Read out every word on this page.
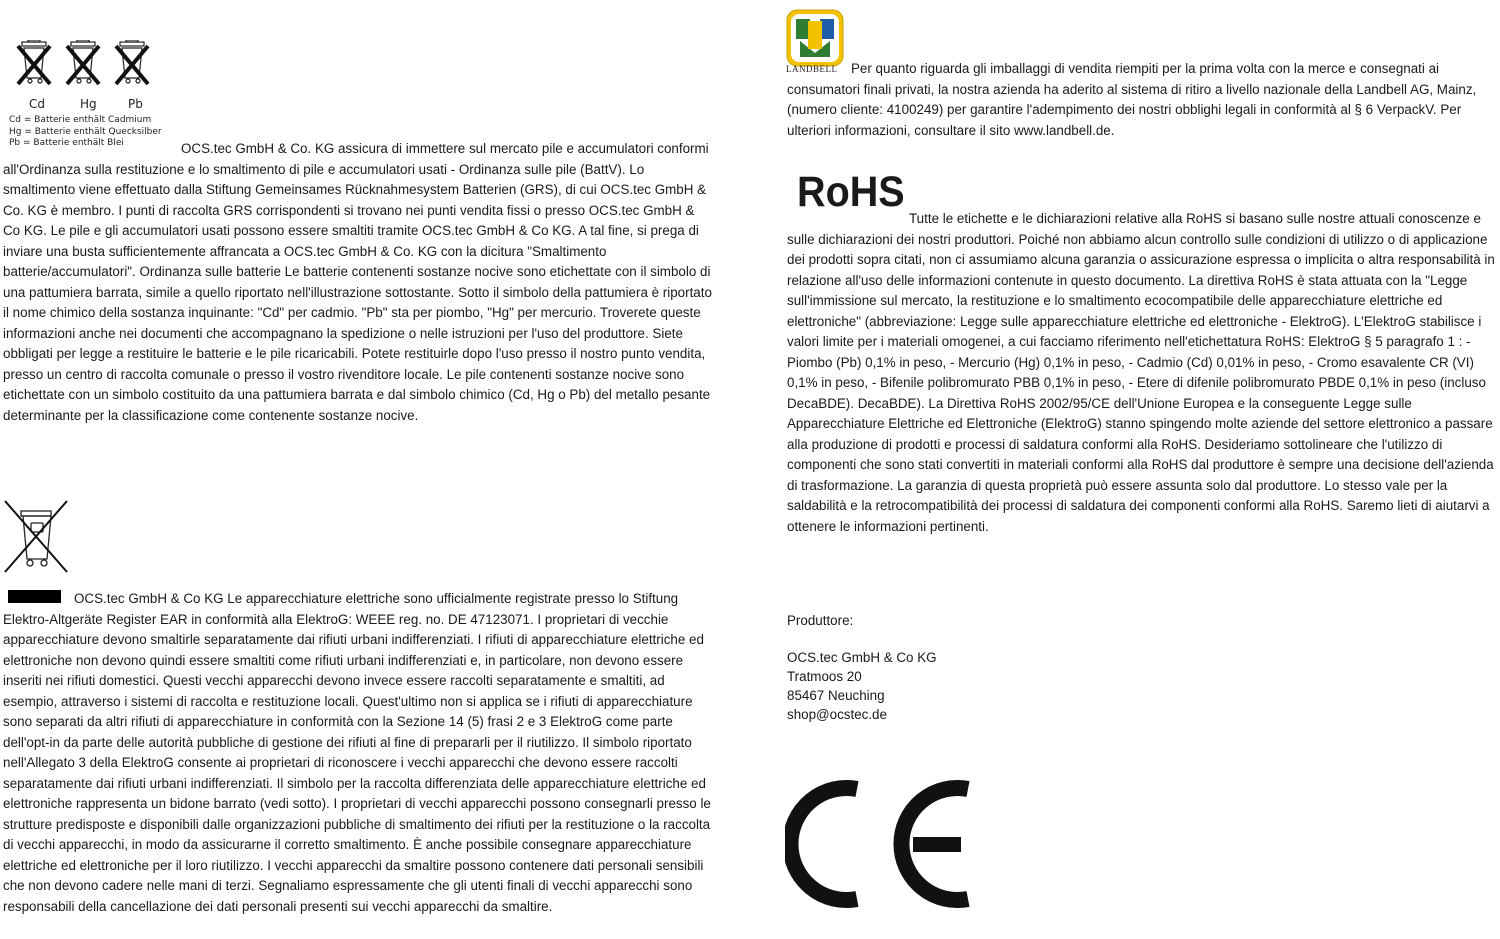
Cd	Hg	Pb
Cd = Batterie enthält Cadmium
Hg = Batterie enthält Quecksilber
Pb = Batterie enthält Blei	OCS.tec GmbH & Co. KG assicura di immettere sul mercato pile e accumulatori conformi all'Ordinanza sulla restituzione e lo smaltimento di pile e accumulatori usati - Ordinanza sulle pile (BattV). Lo smaltimento viene effettuato dalla Stiftung Gemeinsames Rücknahmesystem Batterien (GRS), di cui OCS.tec GmbH & Co. KG è membro. I punti di raccolta GRS corrispondenti si trovano nei punti vendita fissi o presso OCS.tec GmbH & Co KG. Le pile e gli accumulatori usati possono essere smaltiti tramite OCS.tec GmbH & Co KG. A tal fine, si prega di inviare una busta sufficientemente affrancata a OCS.tec GmbH & Co. KG con la dicitura "Smaltimento batterie/accumulatori". Ordinanza sulle batterie Le batterie contenenti sostanze nocive sono etichettate con il simbolo di una pattumiera barrata, simile a quello riportato nell'illustrazione sottostante. Sotto il simbolo della pattumiera è riportato il nome chimico della sostanza inquinante: "Cd" per cadmio. "Pb" sta per piombo, "Hg" per mercurio. Troverete queste informazioni anche nei documenti che accompagnano la spedizione o nelle istruzioni per l'uso del produttore. Siete obbligati per legge a restituire le batterie e le pile ricaricabili. Potete restituirle dopo l'uso presso il nostro punto vendita, presso un centro di raccolta comunale o presso il vostro rivenditore locale. Le pile contenenti sostanze nocive sono etichettate con un simbolo costituito da una pattumiera barrata e dal simbolo chimico (Cd, Hg o Pb) del metallo pesante determinante per la classificazione come contenente sostanze nocive.

OCS.tec GmbH & Co KG Le apparecchiature elettriche sono ufficialmente registrate presso lo Stiftung Elektro-Altgeräte Register EAR in conformità alla ElektroG: WEEE reg. no. DE 47123071. I proprietari di vecchie apparecchiature devono smaltirle separatamente dai rifiuti urbani indifferenziati. I rifiuti di apparecchiature elettriche ed elettroniche non devono quindi essere smaltiti come rifiuti urbani indifferenziati e, in particolare, non devono essere inseriti nei rifiuti domestici. Questi vecchi apparecchi devono invece essere raccolti separatamente e smaltiti, ad esempio, attraverso i sistemi di raccolta e restituzione locali. Quest'ultimo non si applica se i rifiuti di apparecchiature sono separati da altri rifiuti di apparecchiature in conformità con la Sezione 14 (5) frasi 2 e 3 ElektroG come parte dell'opt-in da parte delle autorità pubbliche di gestione dei rifiuti al fine di prepararli per il riutilizzo. Il simbolo riportato nell'Allegato 3 della ElektroG consente ai proprietari di riconoscere i vecchi apparecchi che devono essere raccolti separatamente dai rifiuti urbani indifferenziati. Il simbolo per la raccolta differenziata delle apparecchiature elettriche ed elettroniche rappresenta un bidone barrato (vedi sotto). I proprietari di vecchi apparecchi possono consegnarli presso le strutture predisposte e disponibili dalle organizzazioni pubbliche di smaltimento dei rifiuti per la restituzione o la raccolta di vecchi apparecchi, in modo da assicurarne il corretto smaltimento. È anche possibile consegnare apparecchiature elettriche ed elettroniche per il loro riutilizzo. I vecchi apparecchi da smaltire possono contenere dati personali sensibili che non devono cadere nelle mani di terzi. Segnaliamo espressamente che gli utenti finali di vecchi apparecchi sono responsabili della cancellazione dei dati personali presenti sui vecchi apparecchi da smaltire.

LANDBELL	Per quanto riguarda gli imballaggi di vendita riempiti per la prima volta con la merce e consegnati ai consumatori finali privati, la nostra azienda ha aderito al sistema di ritiro a livello nazionale della Landbell AG, Mainz, (numero cliente: 4100249) per garantire l'adempimento dei nostri obblighi legali in conformità al § 6 VerpackV. Per ulteriori informazioni, consultare il sito www.landbell.de.

RoHS

Tutte le etichette e le dichiarazioni relative alla RoHS si basano sulle nostre attuali conoscenze e sulle dichiarazioni dei nostri produttori. Poiché non abbiamo alcun controllo sulle condizioni di utilizzo o di applicazione dei prodotti sopra citati, non ci assumiamo alcuna garanzia o assicurazione espressa o implicita o altra responsabilità in relazione all'uso delle informazioni contenute in questo documento. La direttiva RoHS è stata attuata con la "Legge sull'immissione sul mercato, la restituzione e lo smaltimento ecocompatibile delle apparecchiature elettriche ed elettroniche" (abbreviazione: Legge sulle apparecchiature elettriche ed elettroniche - ElektroG). L'ElektroG stabilisce i valori limite per i materiali omogenei, a cui facciamo riferimento nell'etichettatura RoHS: ElektroG § 5 paragrafo 1 : - Piombo (Pb) 0,1% in peso, - Mercurio (Hg) 0,1% in peso, - Cadmio (Cd) 0,01% in peso, - Cromo esavalente CR (VI) 0,1% in peso, - Bifenile polibromurato PBB 0,1% in peso, - Etere di difenile polibromurato PBDE 0,1% in peso (incluso DecaBDE). DecaBDE). La Direttiva RoHS 2002/95/CE dell'Unione Europea e la conseguente Legge sulle Apparecchiature Elettriche ed Elettroniche (ElektroG) stanno spingendo molte aziende del settore elettronico a passare alla produzione di prodotti e processi di saldatura conformi alla RoHS. Desideriamo sottolineare che l'utilizzo di componenti che sono stati convertiti in materiali conformi alla RoHS dal produttore è sempre una decisione dell'azienda di trasformazione. La garanzia di questa proprietà può essere assunta solo dal produttore. Lo stesso vale per la saldabilità e la retrocompatibilità dei processi di saldatura dei componenti conformi alla RoHS. Saremo lieti di aiutarvi a ottenere le informazioni pertinenti.

Produttore:
OCS.tec GmbH & Co KG
Tratmoos 20
85467 Neuching
shop@ocstec.de
